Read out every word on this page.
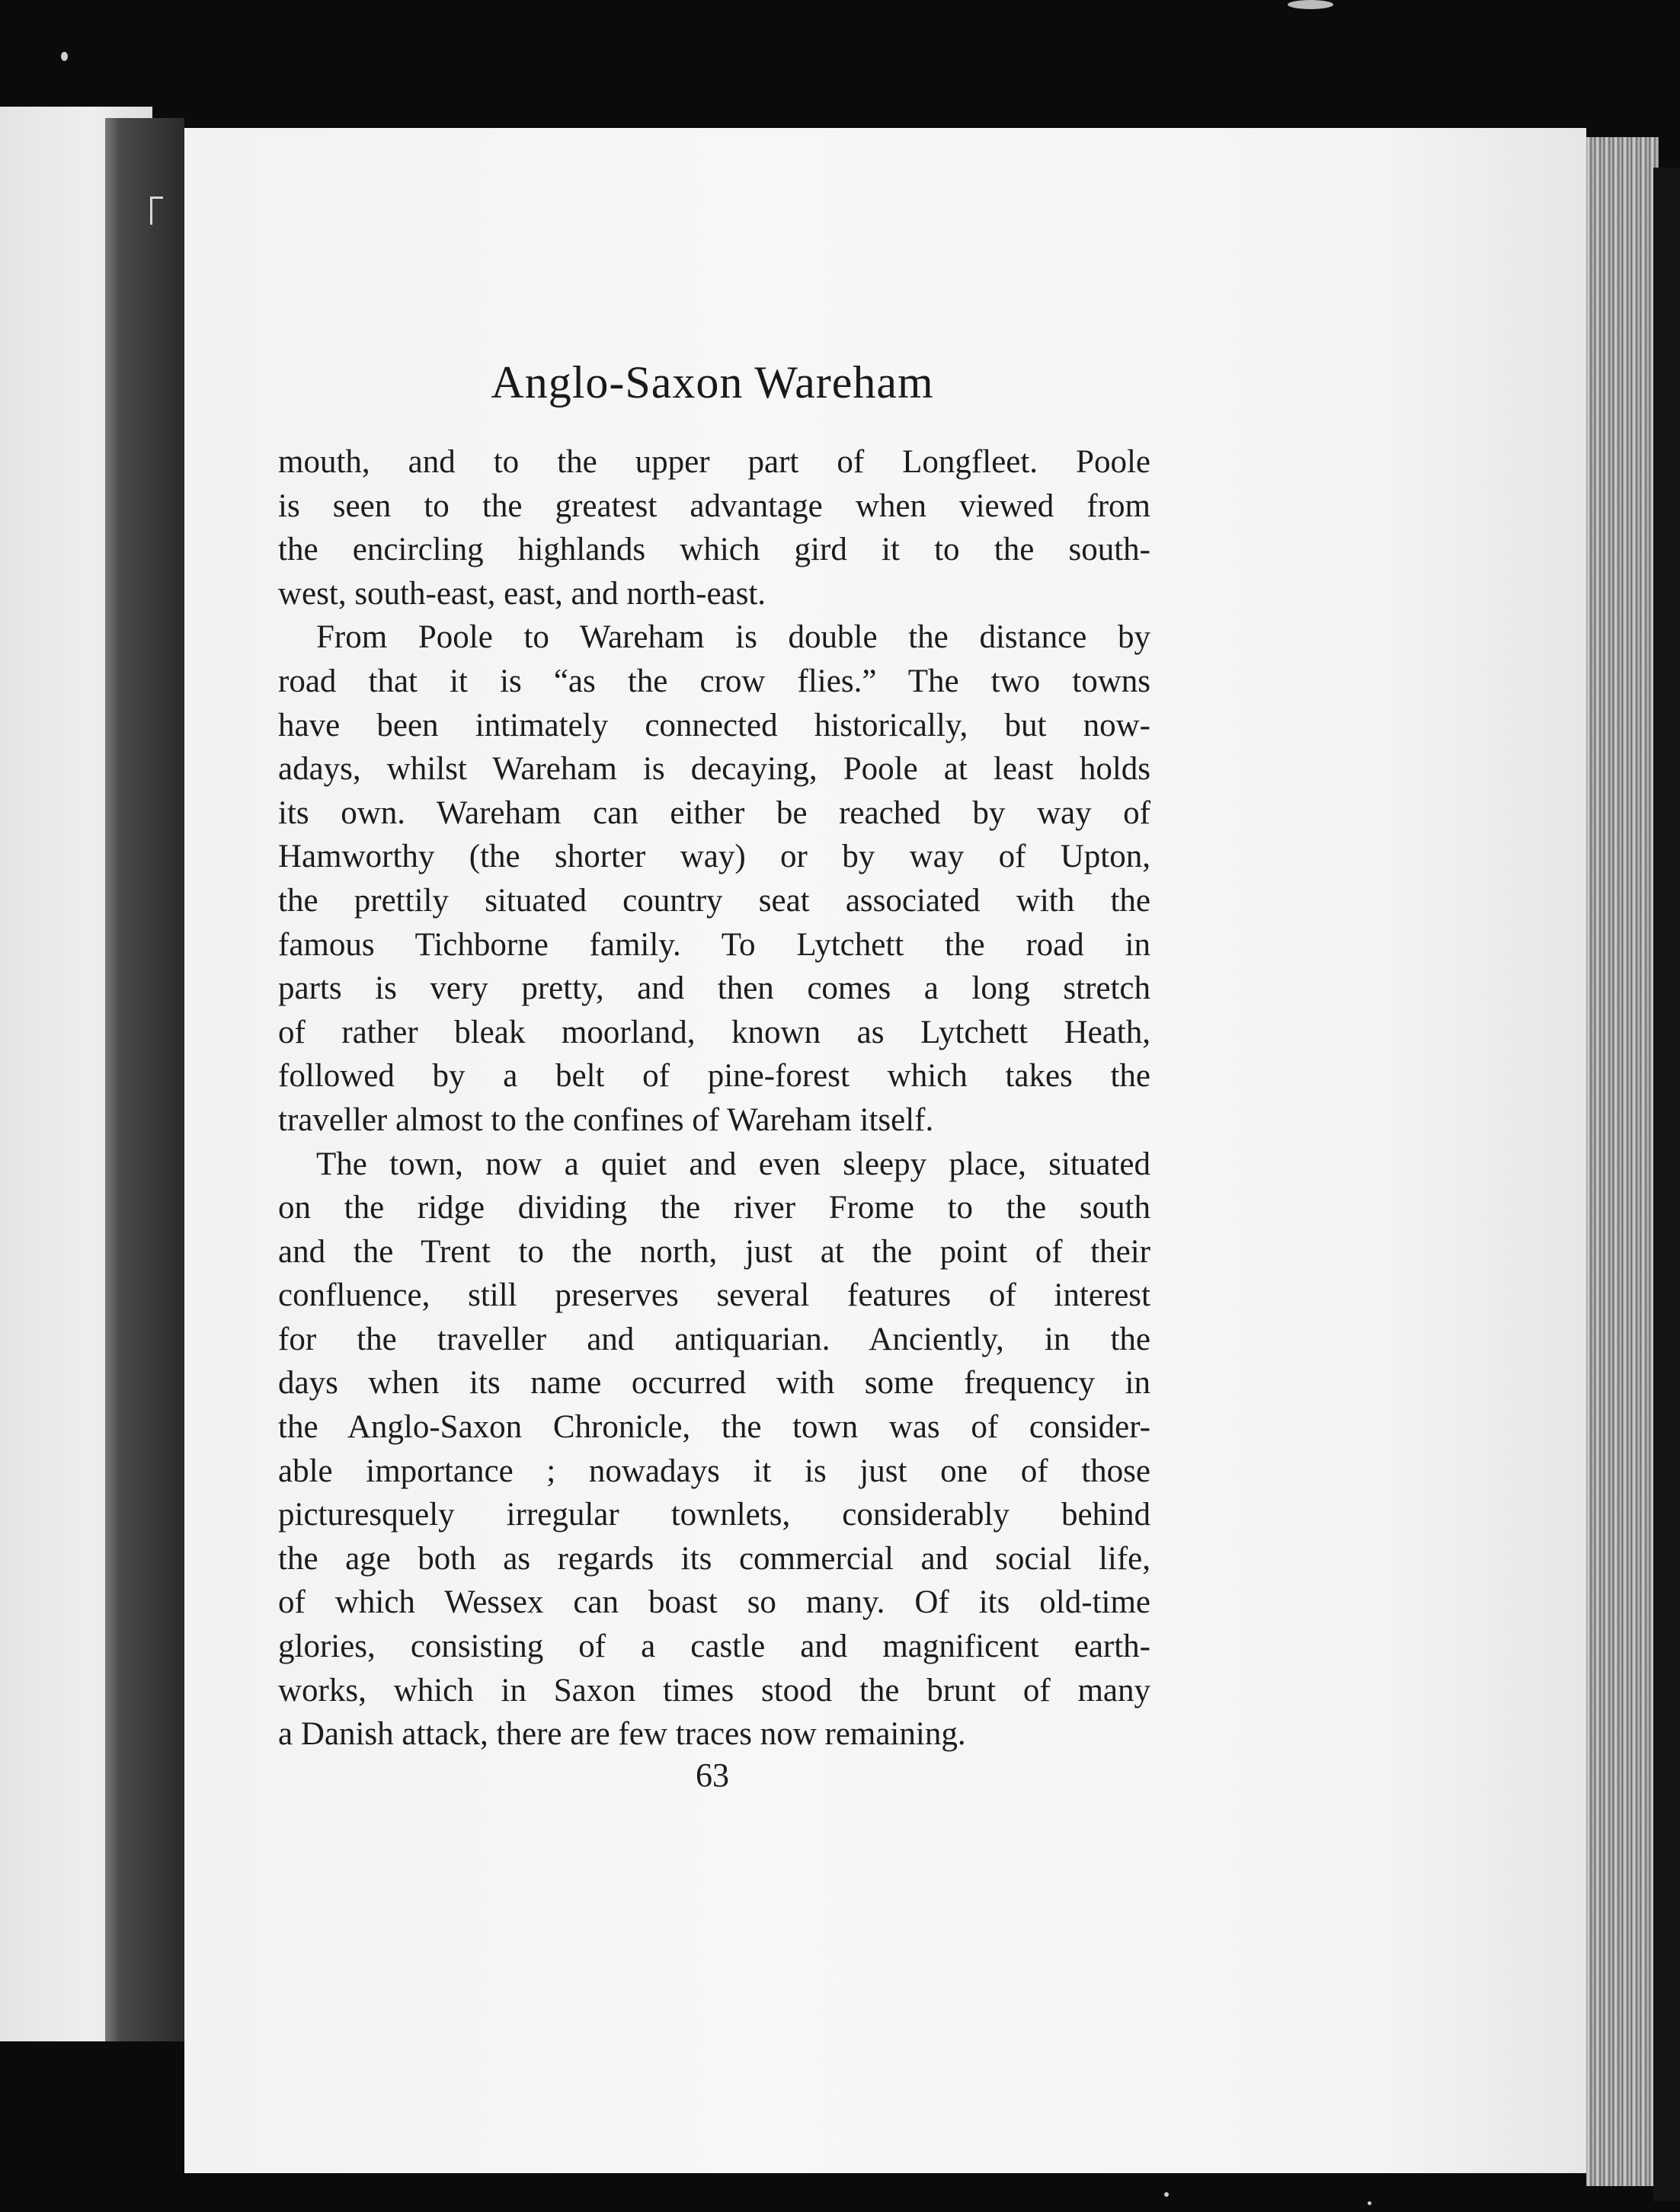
Anglo-Saxon Wareham
mouth, and to the upper part of Longfleet. Poole
is seen to the greatest advantage when viewed from
the encircling highlands which gird it to the south-
west, south-east, east, and north-east.
From Poole to Wareham is double the distance by
road that it is “as the crow flies.” The two towns
have been intimately connected historically, but now-
adays, whilst Wareham is decaying, Poole at least holds
its own. Wareham can either be reached by way of
Hamworthy (the shorter way) or by way of Upton,
the prettily situated country seat associated with the
famous Tichborne family. To Lytchett the road in
parts is very pretty, and then comes a long stretch
of rather bleak moorland, known as Lytchett Heath,
followed by a belt of pine-forest which takes the
traveller almost to the confines of Wareham itself.
The town, now a quiet and even sleepy place, situated
on the ridge dividing the river Frome to the south
and the Trent to the north, just at the point of their
confluence, still preserves several features of interest
for the traveller and antiquarian. Anciently, in the
days when its name occurred with some frequency in
the Anglo-Saxon Chronicle, the town was of consider-
able importance ; nowadays it is just one of those
picturesquely irregular townlets, considerably behind
the age both as regards its commercial and social life,
of which Wessex can boast so many. Of its old-time
glories, consisting of a castle and magnificent earth-
works, which in Saxon times stood the brunt of many
a Danish attack, there are few traces now remaining.
63
